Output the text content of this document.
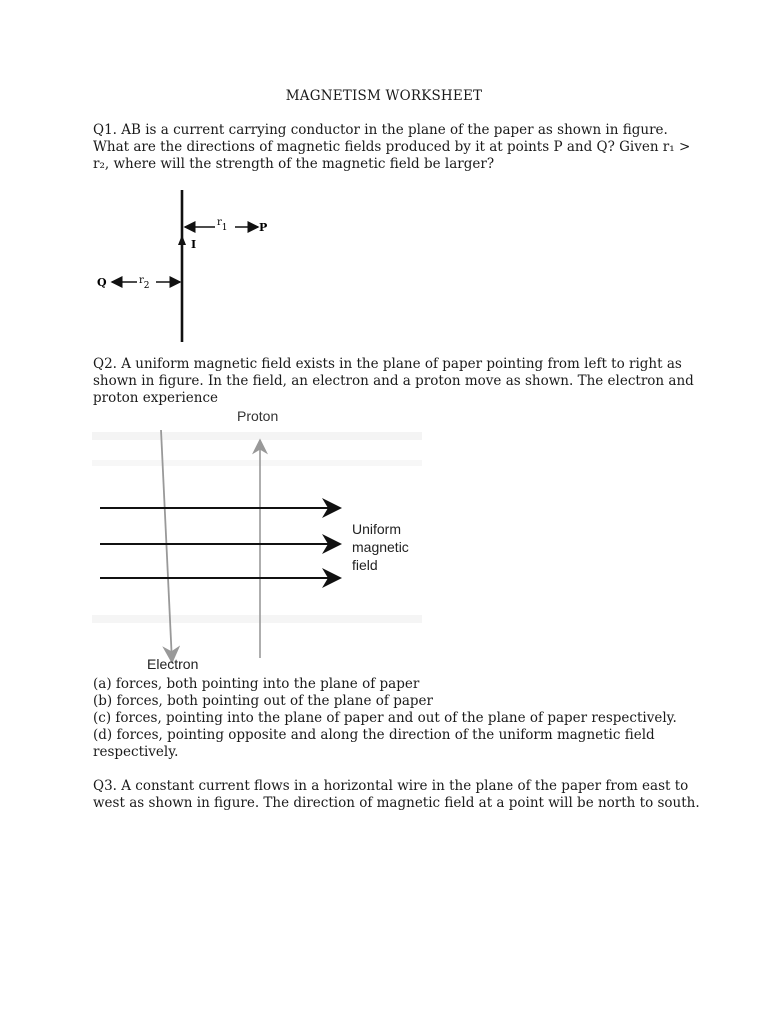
MAGNETISM WORKSHEET
Q1. AB is a current carrying conductor in the plane of the paper as shown in figure.
What are the directions of magnetic fields produced by it at points P and Q? Given r₁ >
r₂, where will the strength of the magnetic field be larger?
I
r1	P
Q	r2
Q2. A uniform magnetic field exists in the plane of paper pointing from left to right as
shown in figure. In the field, an electron and a proton move as shown. The electron and
proton experience
Proton
Electron
Uniform
magnetic
field
(a) forces, both pointing into the plane of paper
(b) forces, both pointing out of the plane of paper
(c) forces, pointing into the plane of paper and out of the plane of paper respectively.
(d) forces, pointing opposite and along the direction of the uniform magnetic field
respectively.
Q3. A constant current flows in a horizontal wire in the plane of the paper from east to
west as shown in figure. The direction of magnetic field at a point will be north to south.
